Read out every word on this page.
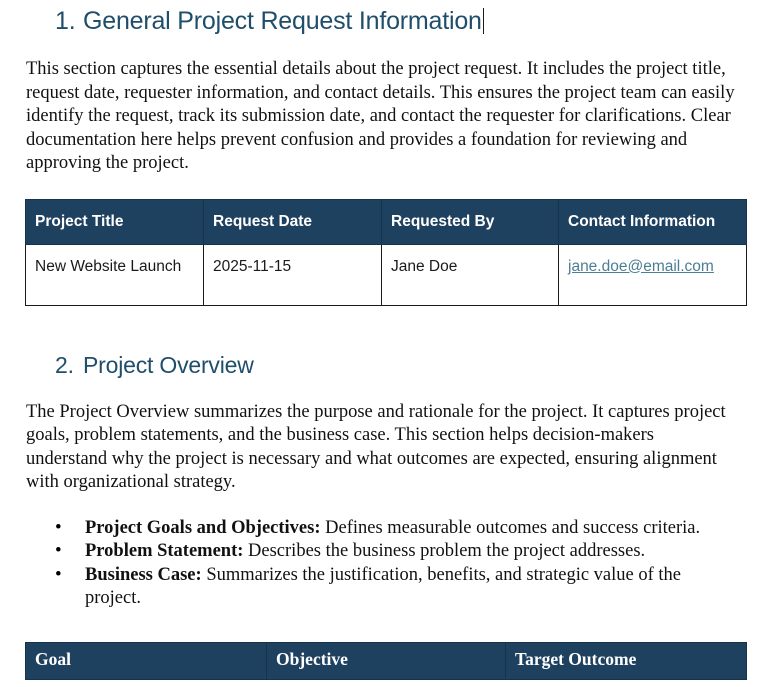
1. General Project Request Information

This section captures the essential details about the project request. It includes the project title, request date, requester information, and contact details. This ensures the project team can easily identify the request, track its submission date, and contact the requester for clarifications. Clear documentation here helps prevent confusion and provides a foundation for reviewing and approving the project.

Project Title	Request Date	Requested By	Contact Information
New Website Launch	2025-11-15	Jane Doe	jane.doe@email.com
2. Project Overview

The Project Overview summarizes the purpose and rationale for the project. It captures project goals, problem statements, and the business case. This section helps decision-makers understand why the project is necessary and what outcomes are expected, ensuring alignment with organizational strategy.

• Project Goals and Objectives: Defines measurable outcomes and success criteria.
• Problem Statement: Describes the business problem the project addresses.
• Business Case: Summarizes the justification, benefits, and strategic value of the project.
Goal	Objective	Target Outcome
